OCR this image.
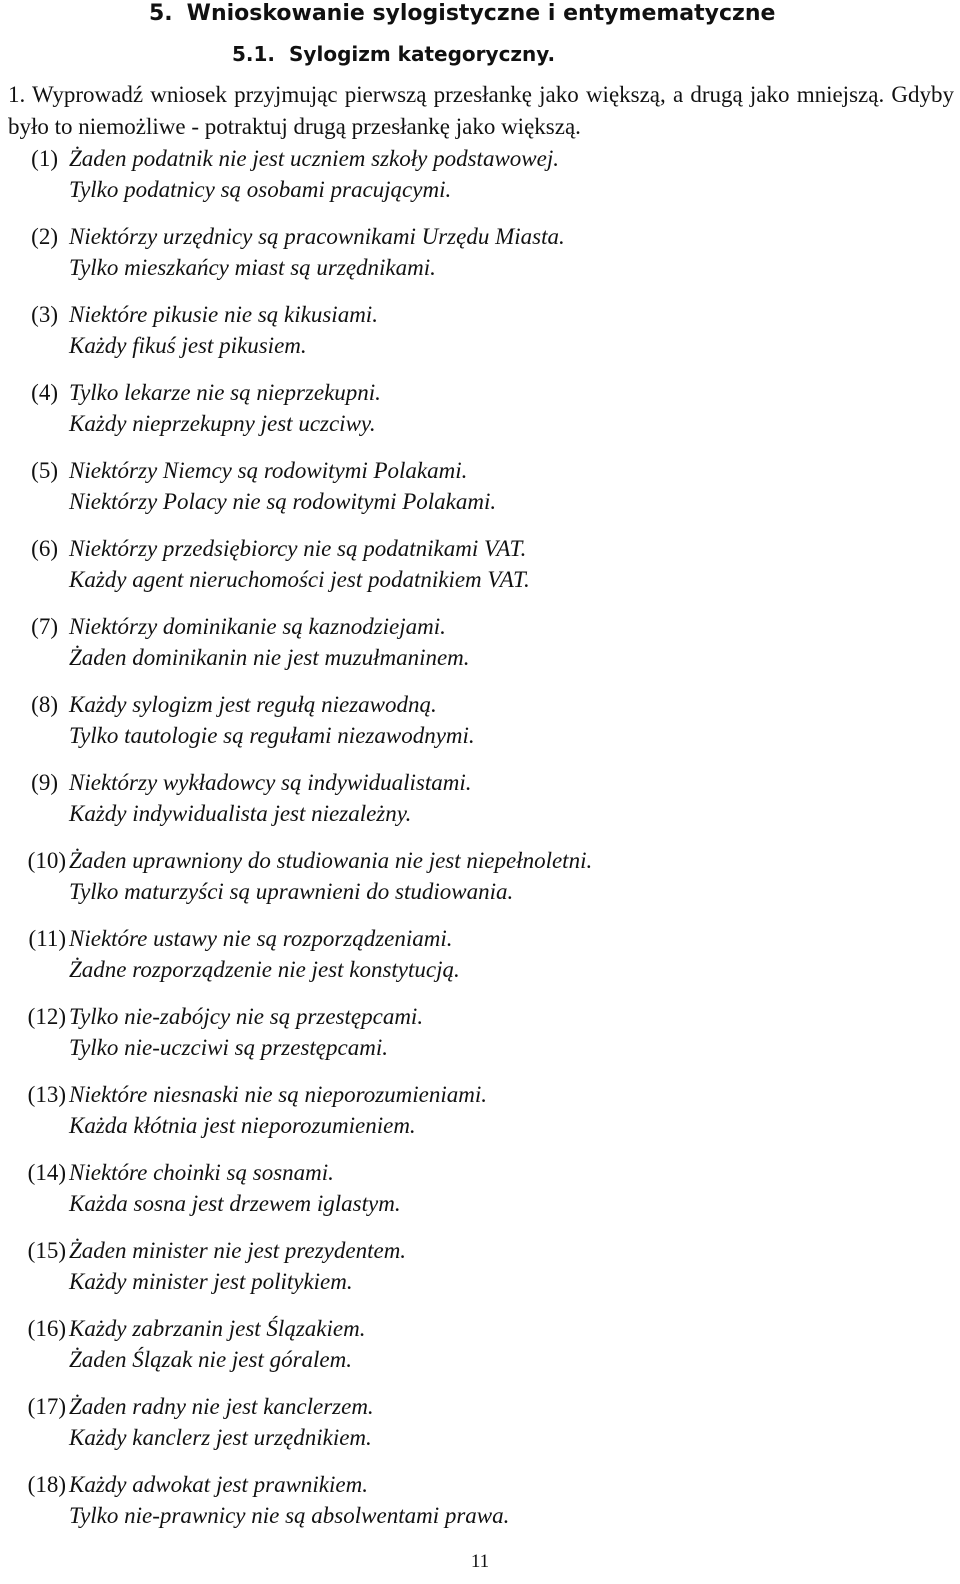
5. Wnioskowanie sylogistyczne i entymematyczne
5.1. Sylogizm kategoryczny.

1. Wyprowadź wniosek przyjmując pierwszą przesłankę jako większą, a drugą jako mniejszą. Gdyby było to niemożliwe - potraktuj drugą przesłankę jako większą.

(1) Żaden podatnik nie jest uczniem szkoły podstawowej.
Tylko podatnicy są osobami pracującymi.
(2) Niektórzy urzędnicy są pracownikami Urzędu Miasta.
Tylko mieszkańcy miast są urzędnikami.
(3) Niektóre pikusie nie są kikusiami.
Każdy fikuś jest pikusiem.
(4) Tylko lekarze nie są nieprzekupni.
Każdy nieprzekupny jest uczciwy.
(5) Niektórzy Niemcy są rodowitymi Polakami.
Niektórzy Polacy nie są rodowitymi Polakami.
(6) Niektórzy przedsiębiorcy nie są podatnikami VAT.
Każdy agent nieruchomości jest podatnikiem VAT.
(7) Niektórzy dominikanie są kaznodziejami.
Żaden dominikanin nie jest muzułmaninem.
(8) Każdy sylogizm jest regułą niezawodną.
Tylko tautologie są regułami niezawodnymi.
(9) Niektórzy wykładowcy są indywidualistami.
Każdy indywidualista jest niezależny.
(10) Żaden uprawniony do studiowania nie jest niepełnoletni.
Tylko maturzyści są uprawnieni do studiowania.
(11) Niektóre ustawy nie są rozporządzeniami.
Żadne rozporządzenie nie jest konstytucją.
(12) Tylko nie-zabójcy nie są przestępcami.
Tylko nie-uczciwi są przestępcami.
(13) Niektóre niesnaski nie są nieporozumieniami.
Każda kłótnia jest nieporozumieniem.
(14) Niektóre choinki są sosnami.
Każda sosna jest drzewem iglastym.
(15) Żaden minister nie jest prezydentem.
Każdy minister jest politykiem.
(16) Każdy zabrzanin jest Ślązakiem.
Żaden Ślązak nie jest góralem.
(17) Żaden radny nie jest kanclerzem.
Każdy kanclerz jest urzędnikiem.
(18) Każdy adwokat jest prawnikiem.
Tylko nie-prawnicy nie są absolwentami prawa.
11
